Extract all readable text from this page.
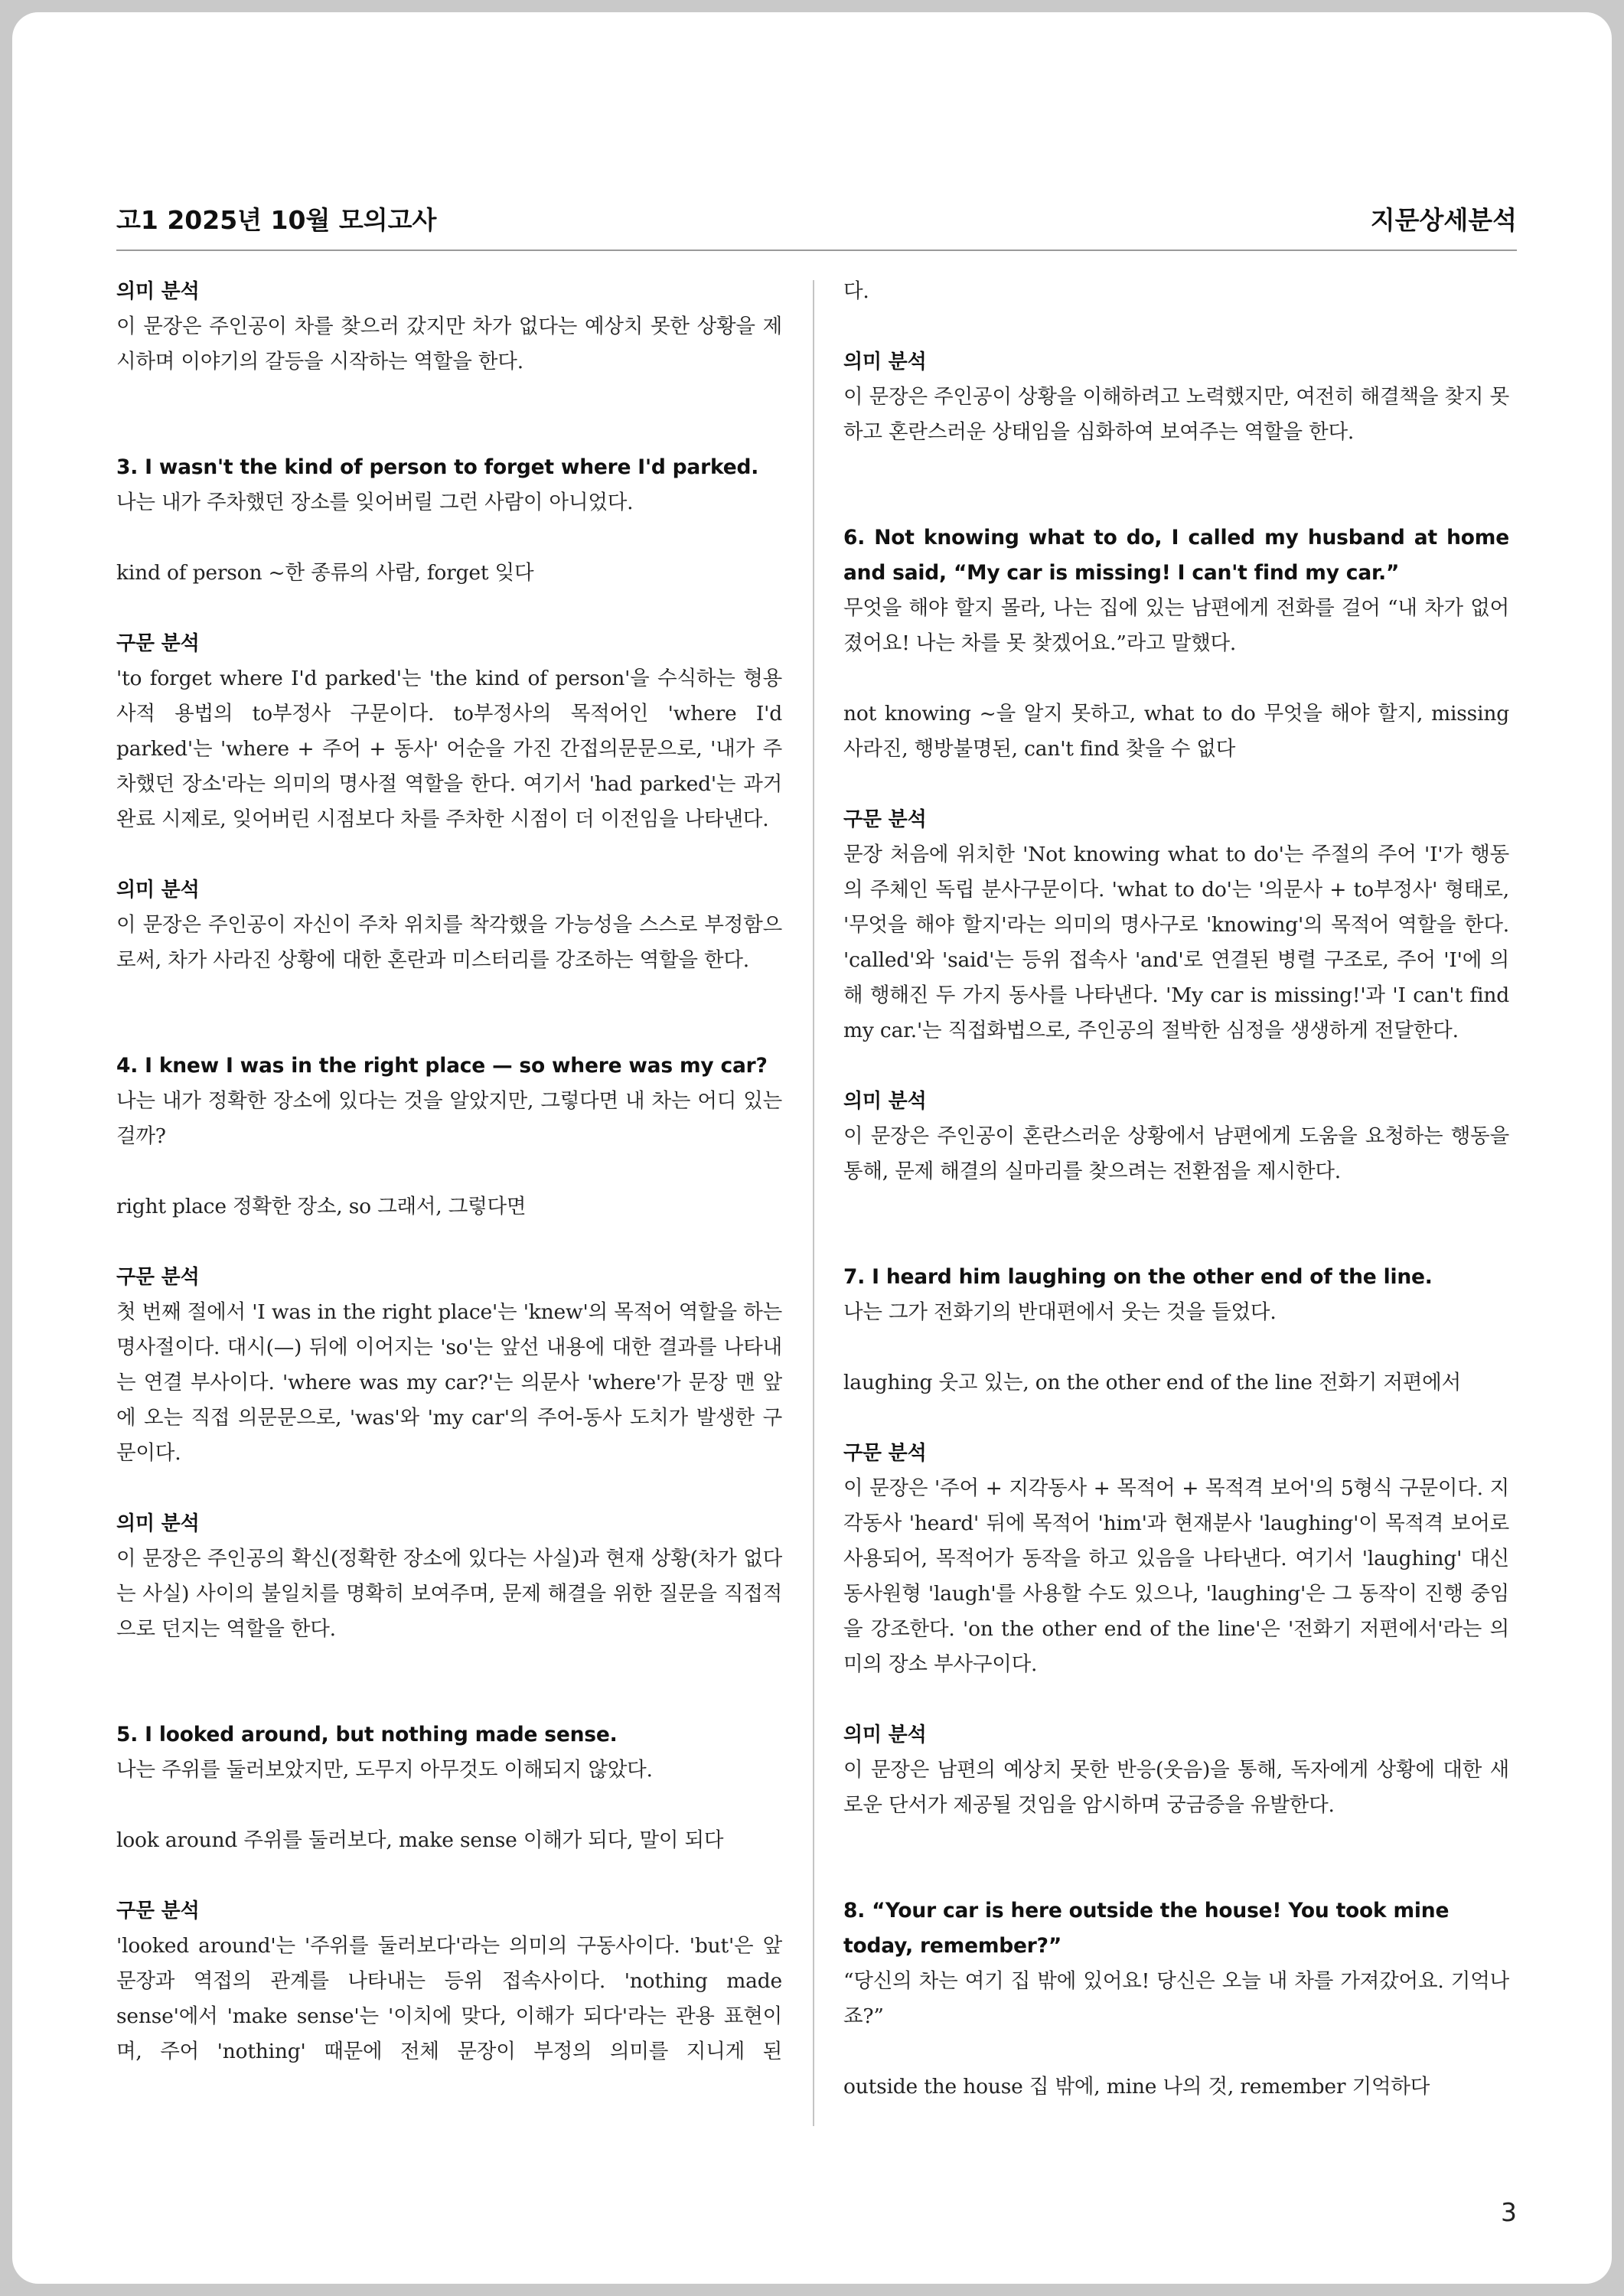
고1 2025년 10월 모의고사	지문상세분석

의미 분석

이 문장은 주인공이 차를 찾으러 갔지만 차가 없다는 예상치 못한 상황을 제시하며 이야기의 갈등을 시작하는 역할을 한다.

3. I wasn't the kind of person to forget where I'd parked.

나는 내가 주차했던 장소를 잊어버릴 그런 사람이 아니었다.

kind of person ~한 종류의 사람, forget 잊다

구문 분석

'to forget where I'd parked'는 'the kind of person'을 수식하는 형용사적 용법의 to부정사 구문이다. to부정사의 목적어인 'where I'd parked'는 'where + 주어 + 동사' 어순을 가진 간접의문문으로, '내가 주차했던 장소'라는 의미의 명사절 역할을 한다. 여기서 'had parked'는 과거완료 시제로, 잊어버린 시점보다 차를 주차한 시점이 더 이전임을 나타낸다.

의미 분석

이 문장은 주인공이 자신이 주차 위치를 착각했을 가능성을 스스로 부정함으로써, 차가 사라진 상황에 대한 혼란과 미스터리를 강조하는 역할을 한다.

4. I knew I was in the right place — so where was my car?

나는 내가 정확한 장소에 있다는 것을 알았지만, 그렇다면 내 차는 어디 있는 걸까?

right place 정확한 장소, so 그래서, 그렇다면

구문 분석

첫 번째 절에서 'I was in the right place'는 'knew'의 목적어 역할을 하는 명사절이다. 대시(—) 뒤에 이어지는 'so'는 앞선 내용에 대한 결과를 나타내는 연결 부사이다. 'where was my car?'는 의문사 'where'가 문장 맨 앞에 오는 직접 의문문으로, 'was'와 'my car'의 주어-동사 도치가 발생한 구문이다.

의미 분석

이 문장은 주인공의 확신(정확한 장소에 있다는 사실)과 현재 상황(차가 없다는 사실) 사이의 불일치를 명확히 보여주며, 문제 해결을 위한 질문을 직접적으로 던지는 역할을 한다.

5. I looked around, but nothing made sense.

나는 주위를 둘러보았지만, 도무지 아무것도 이해되지 않았다.

look around 주위를 둘러보다, make sense 이해가 되다, 말이 되다

구문 분석

'looked around'는 '주위를 둘러보다'라는 의미의 구동사이다. 'but'은 앞 문장과 역접의 관계를 나타내는 등위 접속사이다. 'nothing made sense'에서 'make sense'는 '이치에 맞다, 이해가 되다'라는 관용 표현이며, 주어 'nothing' 때문에 전체 문장이 부정의 의미를 지니게 된

다.

의미 분석

이 문장은 주인공이 상황을 이해하려고 노력했지만, 여전히 해결책을 찾지 못하고 혼란스러운 상태임을 심화하여 보여주는 역할을 한다.

6. Not knowing what to do, I called my husband at home and said, “My car is missing! I can't find my car.”

무엇을 해야 할지 몰라, 나는 집에 있는 남편에게 전화를 걸어 “내 차가 없어졌어요! 나는 차를 못 찾겠어요.”라고 말했다.

not knowing ~을 알지 못하고, what to do 무엇을 해야 할지, missing 사라진, 행방불명된, can't find 찾을 수 없다

구문 분석

문장 처음에 위치한 'Not knowing what to do'는 주절의 주어 'I'가 행동의 주체인 독립 분사구문이다. 'what to do'는 '의문사 + to부정사' 형태로, '무엇을 해야 할지'라는 의미의 명사구로 'knowing'의 목적어 역할을 한다. 'called'와 'said'는 등위 접속사 'and'로 연결된 병렬 구조로, 주어 'I'에 의해 행해진 두 가지 동사를 나타낸다. 'My car is missing!'과 'I can't find my car.'는 직접화법으로, 주인공의 절박한 심정을 생생하게 전달한다.

의미 분석

이 문장은 주인공이 혼란스러운 상황에서 남편에게 도움을 요청하는 행동을 통해, 문제 해결의 실마리를 찾으려는 전환점을 제시한다.

7. I heard him laughing on the other end of the line.

나는 그가 전화기의 반대편에서 웃는 것을 들었다.

laughing 웃고 있는, on the other end of the line 전화기 저편에서

구문 분석

이 문장은 '주어 + 지각동사 + 목적어 + 목적격 보어'의 5형식 구문이다. 지각동사 'heard' 뒤에 목적어 'him'과 현재분사 'laughing'이 목적격 보어로 사용되어, 목적어가 동작을 하고 있음을 나타낸다. 여기서 'laughing' 대신 동사원형 'laugh'를 사용할 수도 있으나, 'laughing'은 그 동작이 진행 중임을 강조한다. 'on the other end of the line'은 '전화기 저편에서'라는 의미의 장소 부사구이다.

의미 분석

이 문장은 남편의 예상치 못한 반응(웃음)을 통해, 독자에게 상황에 대한 새로운 단서가 제공될 것임을 암시하며 궁금증을 유발한다.

8. “Your car is here outside the house! You took mine today, remember?”

“당신의 차는 여기 집 밖에 있어요! 당신은 오늘 내 차를 가져갔어요. 기억나죠?”

outside the house 집 밖에, mine 나의 것, remember 기억하다

3
